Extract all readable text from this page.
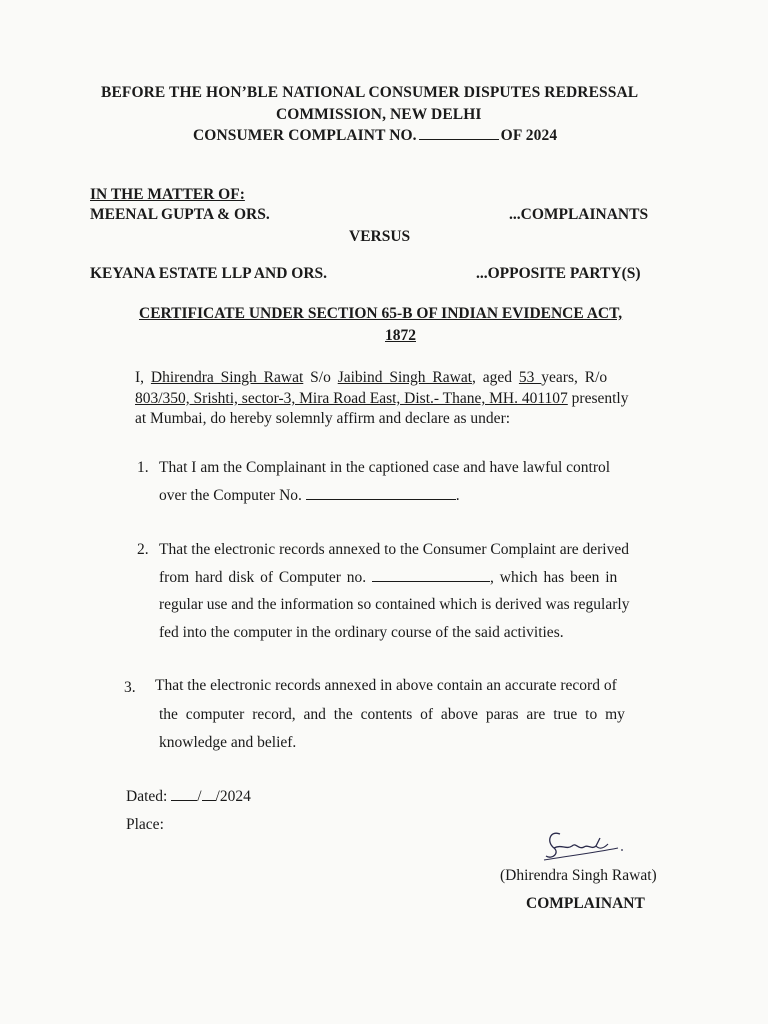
BEFORE THE HON’BLE NATIONAL CONSUMER DISPUTES REDRESSAL
COMMISSION, NEW DELHI
CONSUMER COMPLAINT NO.	OF 2024
IN THE MATTER OF:
MEENAL GUPTA & ORS.	...COMPLAINANTS
VERSUS
KEYANA ESTATE LLP AND ORS.	...OPPOSITE PARTY(S)
CERTIFICATE UNDER SECTION 65-B OF INDIAN EVIDENCE ACT,
1872
I, Dhirendra Singh Rawat S/o Jaibind Singh Rawat, aged 53 years, R/o
803/350, Srishti, sector-3, Mira Road East, Dist.- Thane, MH. 401107 presently
at Mumbai, do hereby solemnly affirm and declare as under:
1. That I am the Complainant in the captioned case and have lawful control
over the Computer No.	.
2. That the electronic records annexed to the Consumer Complaint are derived
from hard disk of Computer no.	, which has been in
regular use and the information so contained which is derived was regularly
fed into the computer in the ordinary course of the said activities.
3. That the electronic records annexed in above contain an accurate record of
the computer record, and the contents of above paras are true to my
knowledge and belief.
Dated: / /2024
Place:
(Dhirendra Singh Rawat)
COMPLAINANT
